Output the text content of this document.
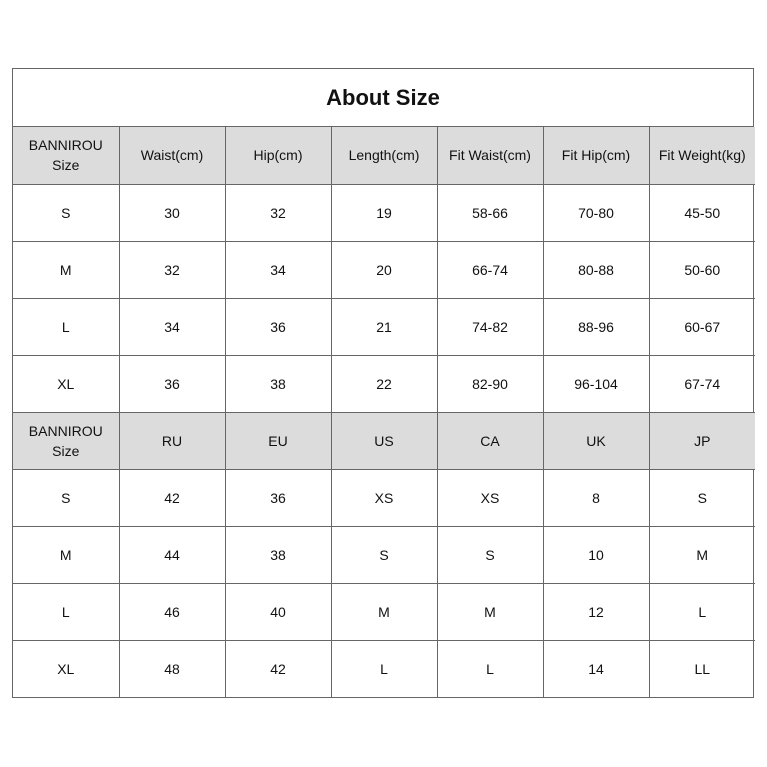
About Size
BANNIROU
Size	Waist(cm)	Hip(cm)	Length(cm)	Fit Waist(cm)	Fit Hip(cm)	Fit Weight(kg)
S	30	32	19	58-66	70-80	45-50
M	32	34	20	66-74	80-88	50-60
L	34	36	21	74-82	88-96	60-67
XL	36	38	22	82-90	96-104	67-74

BANNIROU
Size	RU	EU	US	CA	UK	JP
S	42	36	XS	XS	8	S
M	44	38	S	S	10	M
L	46	40	M	M	12	L
XL	48	42	L	L	14	LL
